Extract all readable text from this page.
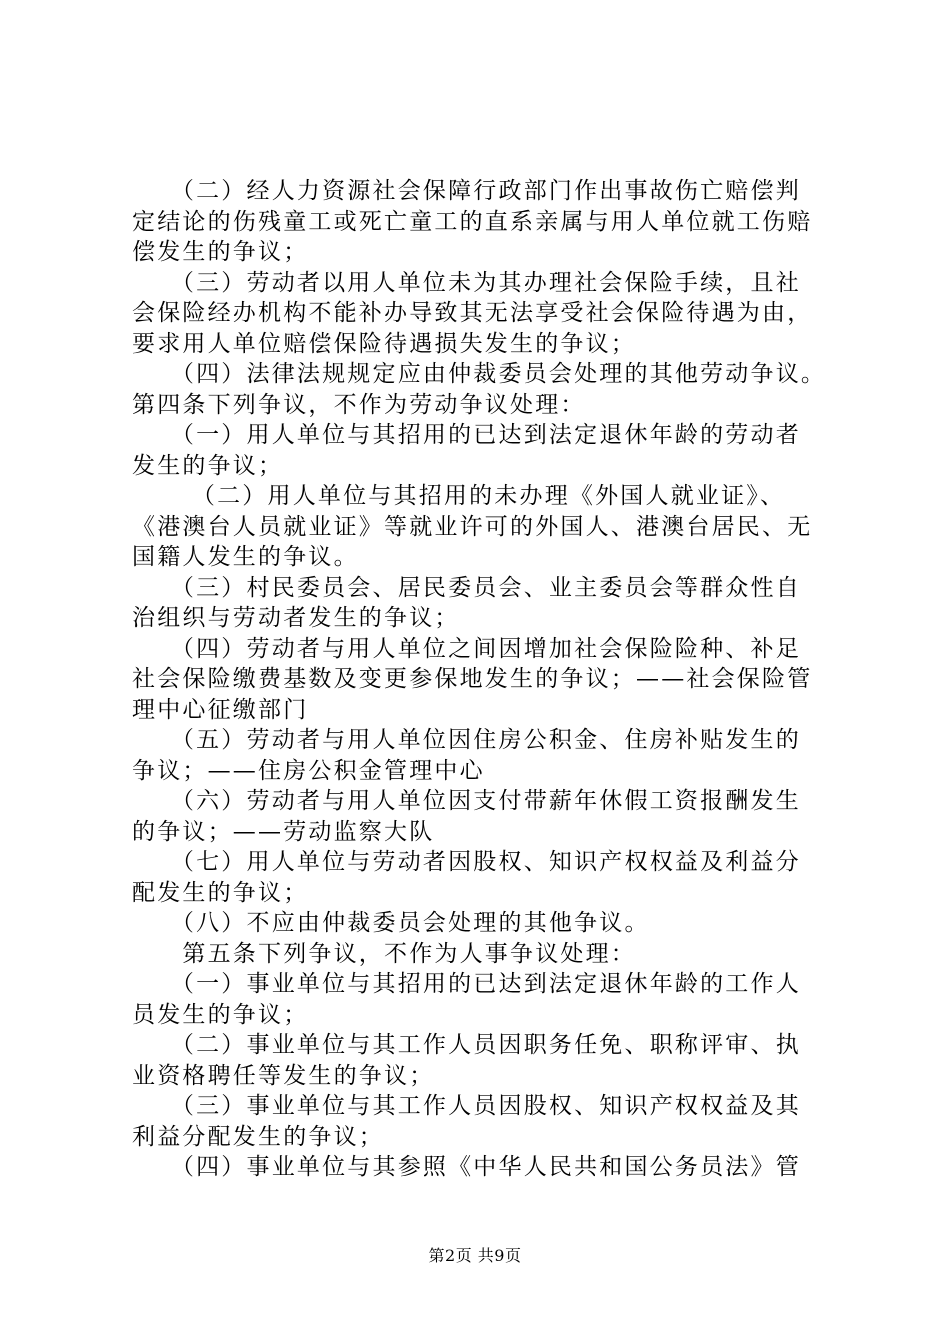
　　（二）经人力资源社会保障行政部门作出事故伤亡赔偿判
定结论的伤残童工或死亡童工的直系亲属与用人单位就工伤赔
偿发生的争议；
　　（三）劳动者以用人单位未为其办理社会保险手续，且社
会保险经办机构不能补办导致其无法享受社会保险待遇为由，
要求用人单位赔偿保险待遇损失发生的争议；
　　（四）法律法规规定应由仲裁委员会处理的其他劳动争议。
第四条下列争议，不作为劳动争议处理：
　　（一）用人单位与其招用的已达到法定退休年龄的劳动者
发生的争议；
　　 （二）用人单位与其招用的未办理《外国人就业证》、
《港澳台人员就业证》等就业许可的外国人、港澳台居民、无
国籍人发生的争议。
　　（三）村民委员会、居民委员会、业主委员会等群众性自
治组织与劳动者发生的争议；
　　（四）劳动者与用人单位之间因增加社会保险险种、补足
社会保险缴费基数及变更参保地发生的争议；——社会保险管
理中心征缴部门
　　（五）劳动者与用人单位因住房公积金、住房补贴发生的
争议；——住房公积金管理中心
　　（六）劳动者与用人单位因支付带薪年休假工资报酬发生
的争议；——劳动监察大队
　　（七）用人单位与劳动者因股权、知识产权权益及利益分
配发生的争议；
　　（八）不应由仲裁委员会处理的其他争议。
　　第五条下列争议，不作为人事争议处理：
　　（一）事业单位与其招用的已达到法定退休年龄的工作人
员发生的争议；
　　（二）事业单位与其工作人员因职务任免、职称评审、执
业资格聘任等发生的争议；
　　（三）事业单位与其工作人员因股权、知识产权权益及其
利益分配发生的争议；
　　（四）事业单位与其参照《中华人民共和国公务员法》管
第2页 共9页
